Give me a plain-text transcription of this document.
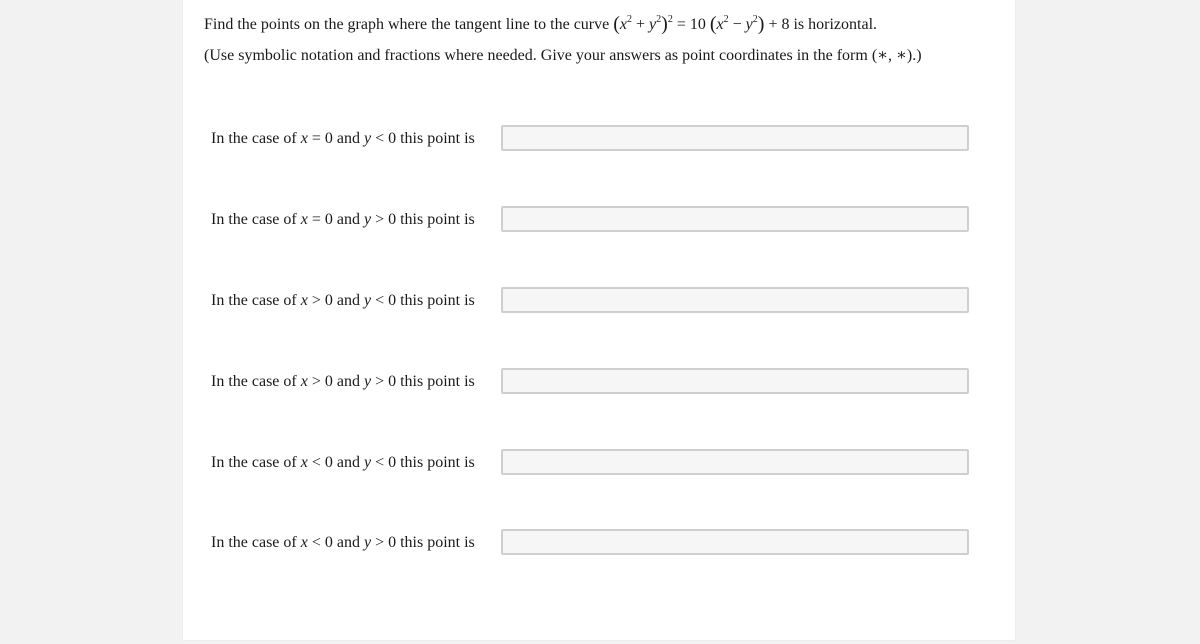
Find the points on the graph where the tangent line to the curve $(x^2 + y^2)^2 = 10$ $(x^2 - y^2) + 8$ is horizontal.
(Use symbolic notation and fractions where needed. Give your answers as point coordinates in the form (∗, ∗).)
In the case of x = 0 and y < 0 this point is
In the case of x = 0 and y > 0 this point is
In the case of x > 0 and y < 0 this point is
In the case of x > 0 and y > 0 this point is
In the case of x < 0 and y < 0 this point is
In the case of x < 0 and y > 0 this point is
